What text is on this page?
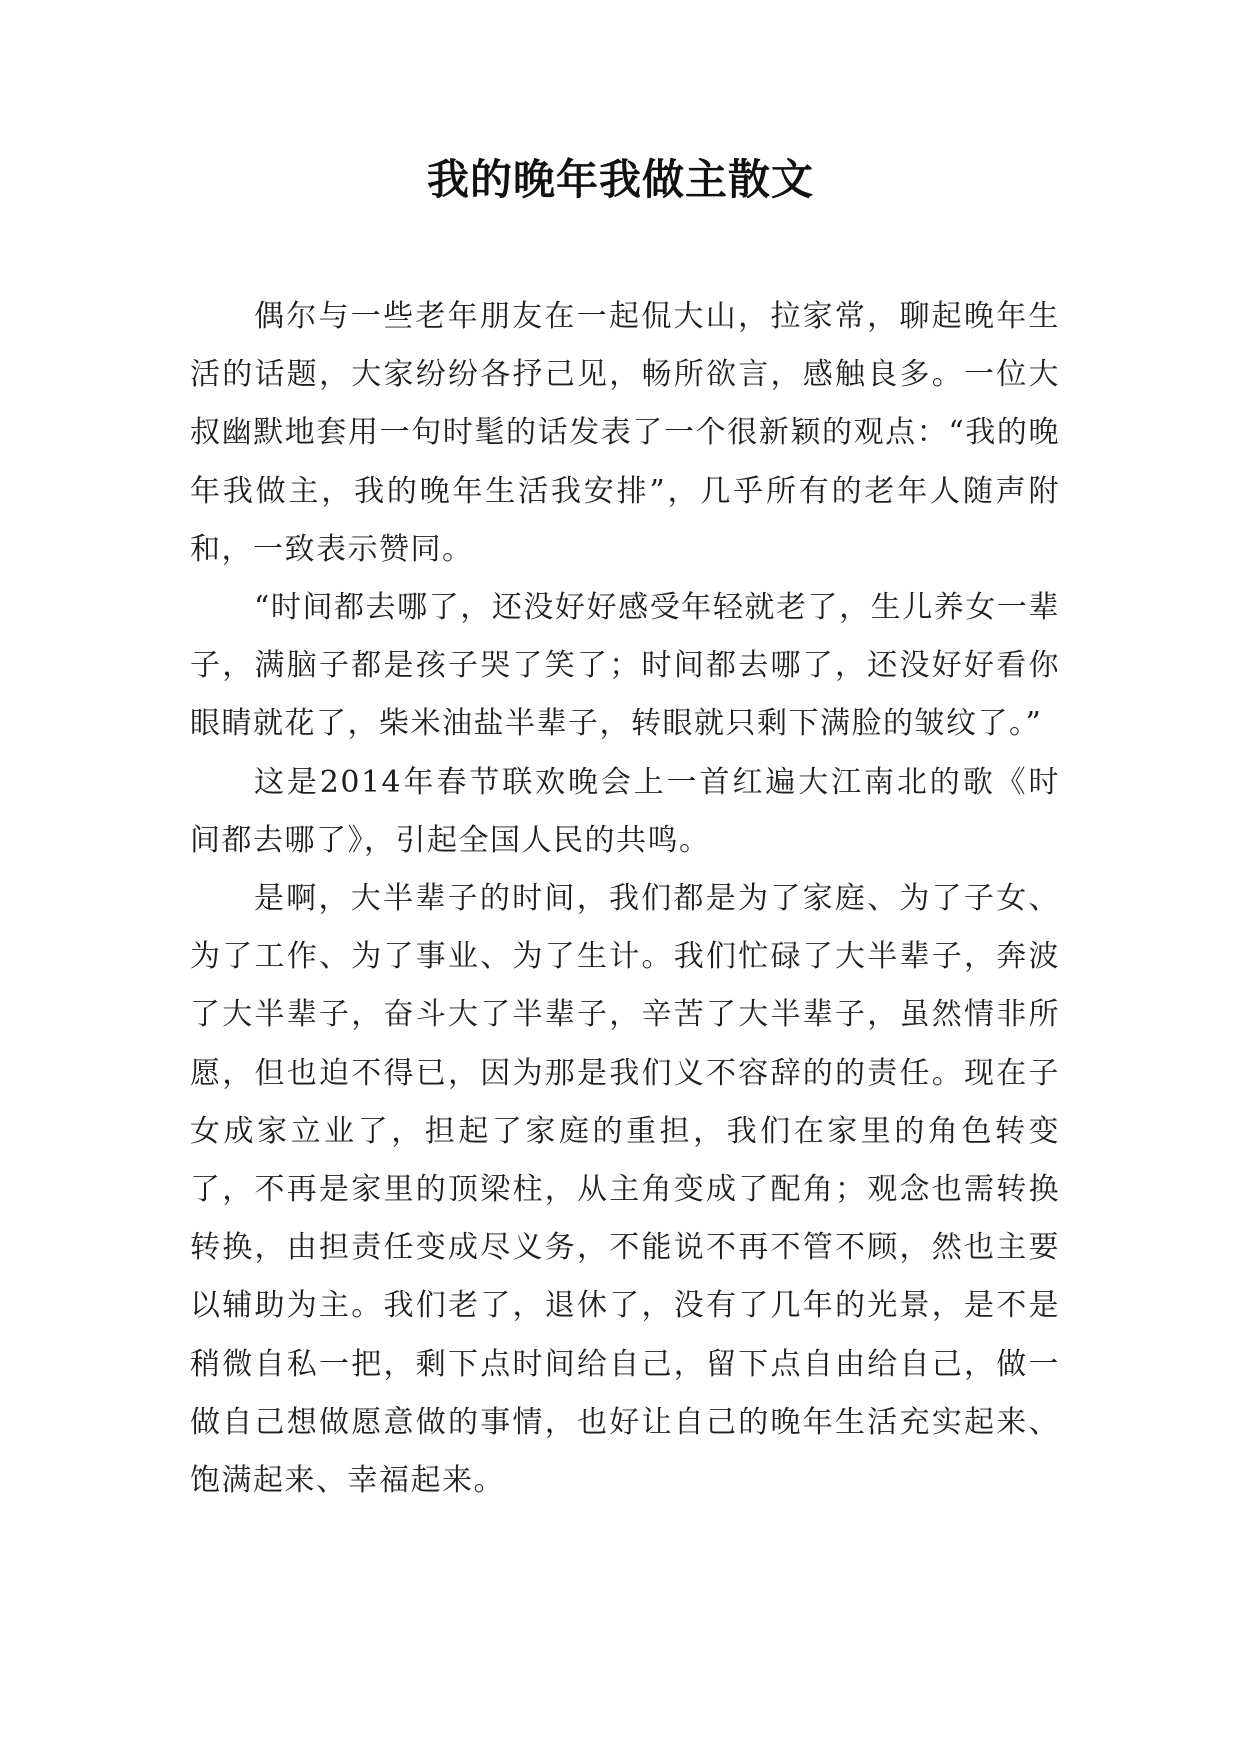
我的晚年我做主散文

偶尔与一些老年朋友在一起侃大山，拉家常，聊起晚年生活的话题，大家纷纷各抒己见，畅所欲言，感触良多。一位大叔幽默地套用一句时髦的话发表了一个很新颖的观点：“我的晚年我做主，我的晚年生活我安排”，几乎所有的老年人随声附和，一致表示赞同。

“时间都去哪了，还没好好感受年轻就老了，生儿养女一辈子，满脑子都是孩子哭了笑了；时间都去哪了，还没好好看你眼睛就花了，柴米油盐半辈子，转眼就只剩下满脸的皱纹了。”

这是2014年春节联欢晚会上一首红遍大江南北的歌《时间都去哪了》，引起全国人民的共鸣。

是啊，大半辈子的时间，我们都是为了家庭、为了子女、为了工作、为了事业、为了生计。我们忙碌了大半辈子，奔波了大半辈子，奋斗大了半辈子，辛苦了大半辈子，虽然情非所愿，但也迫不得已，因为那是我们义不容辞的的责任。现在子女成家立业了，担起了家庭的重担，我们在家里的角色转变了，不再是家里的顶梁柱，从主角变成了配角；观念也需转换转换，由担责任变成尽义务，不能说不再不管不顾，然也主要以辅助为主。我们老了，退休了，没有了几年的光景，是不是稍微自私一把，剩下点时间给自己，留下点自由给自己，做一做自己想做愿意做的事情，也好让自己的晚年生活充实起来、饱满起来、幸福起来。
